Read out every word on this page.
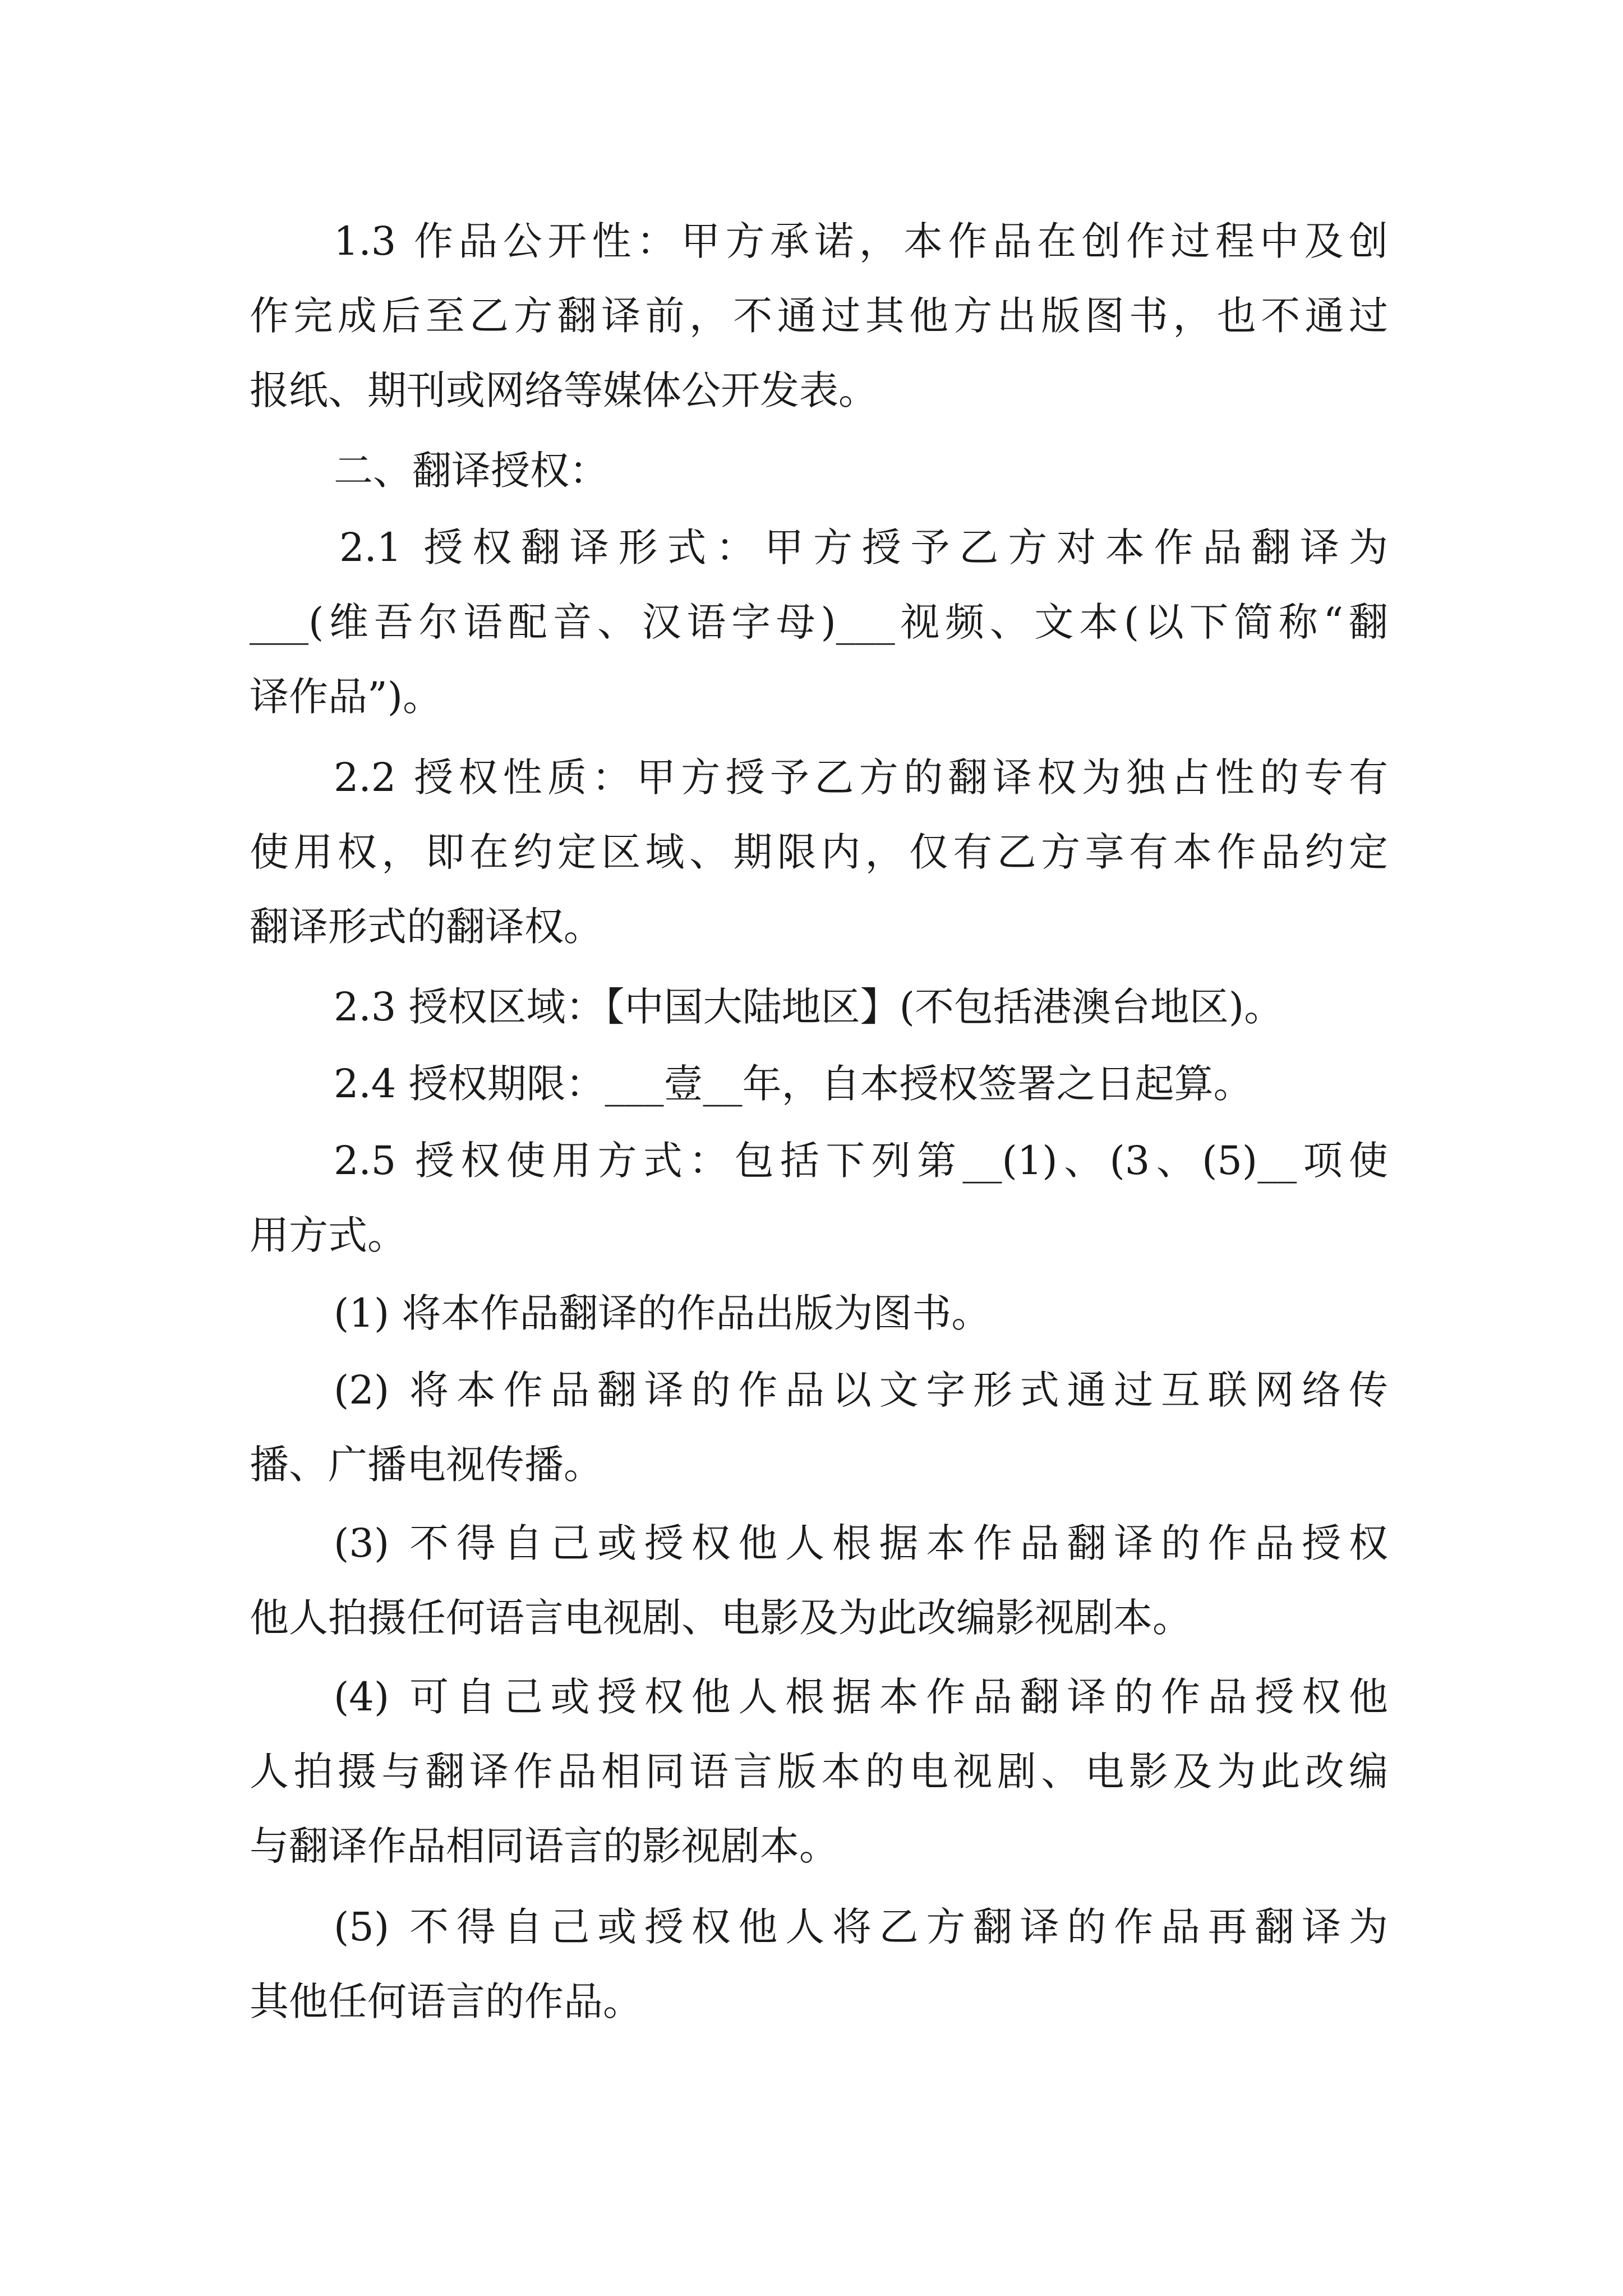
1.3 作品公开性：甲方承诺，本作品在创作过程中及创
作完成后至乙方翻译前，不通过其他方出版图书，也不通过
报纸、期刊或网络等媒体公开发表。
二、翻译授权：
2.1 授权翻译形式：甲方授予乙方对本作品翻译为
___(维吾尔语配音、汉语字母)___视频、文本(以下简称“翻
译作品”)。
2.2 授权性质：甲方授予乙方的翻译权为独占性的专有
使用权，即在约定区域、期限内，仅有乙方享有本作品约定
翻译形式的翻译权。
2.3 授权区域：【中国大陆地区】(不包括港澳台地区)。
2.4 授权期限：___壹__年，自本授权签署之日起算。
2.5 授权使用方式：包括下列第__(1)、(3、(5)__项使
用方式。
(1) 将本作品翻译的作品出版为图书。
(2) 将本作品翻译的作品以文字形式通过互联网络传
播、广播电视传播。
(3) 不得自己或授权他人根据本作品翻译的作品授权
他人拍摄任何语言电视剧、电影及为此改编影视剧本。
(4) 可自己或授权他人根据本作品翻译的作品授权他
人拍摄与翻译作品相同语言版本的电视剧、电影及为此改编
与翻译作品相同语言的影视剧本。
(5) 不得自己或授权他人将乙方翻译的作品再翻译为
其他任何语言的作品。
